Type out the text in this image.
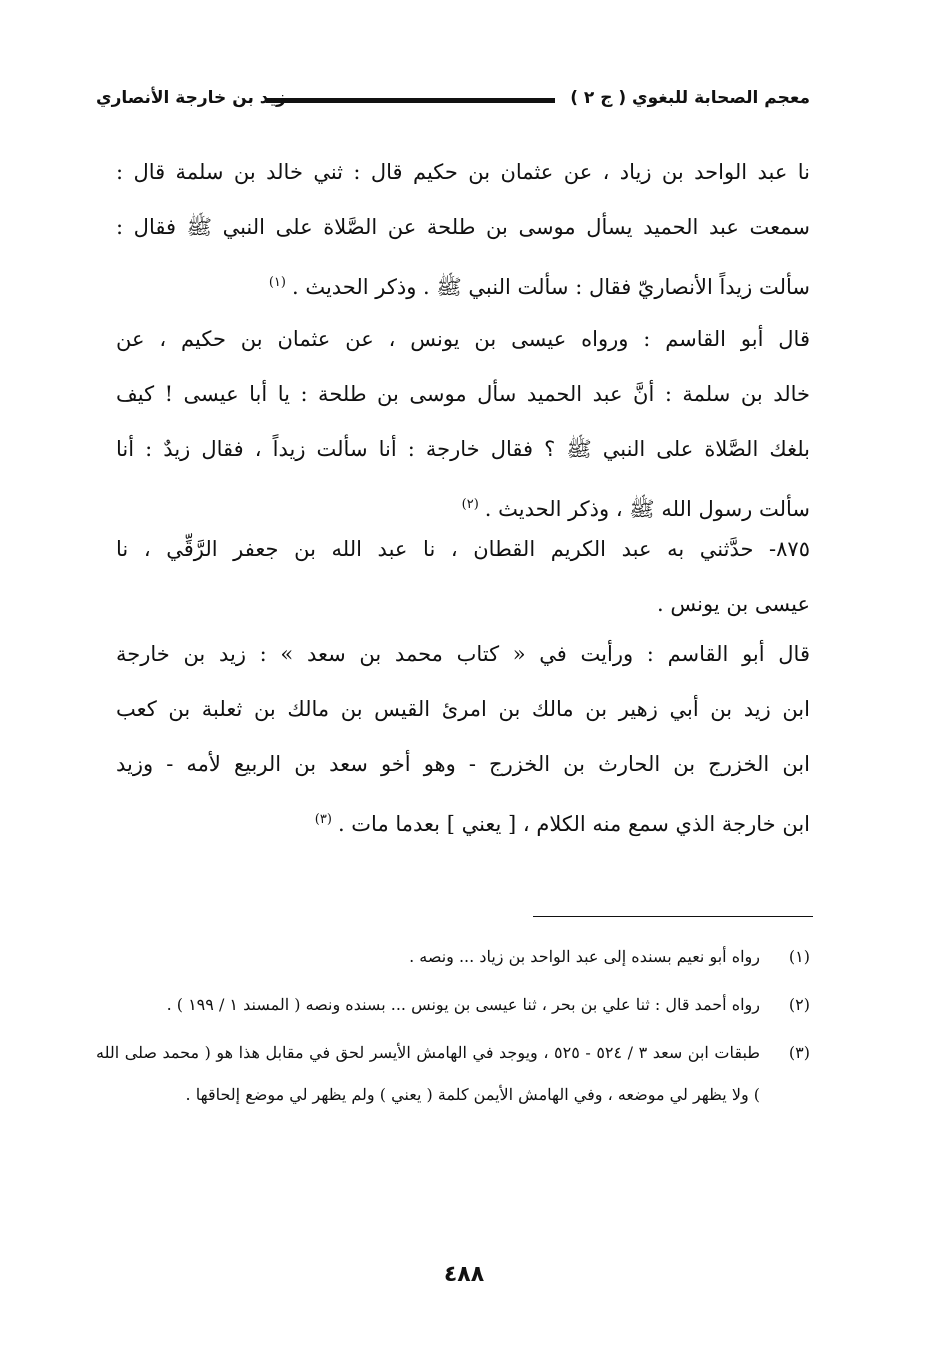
معجم الصحابة للبغوي ( ج ٢ )
زيد بن خارجة الأنصاري
نا عبد الواحد بن زياد ، عن عثمان بن حكيم قال : ثني خالد بن سلمة قال :
سمعت عبد الحميد يسأل موسى بن طلحة عن الصَّلاة على النبي ﷺ فقال :
سألت زيداً الأنصاريّ فقال : سألت النبي ﷺ . وذكر الحديث .$^{(١)}$
قال أبو القاسم : ورواه عيسى بن يونس ، عن عثمان بن حكيم ، عن
خالد بن سلمة : أنَّ عبد الحميد سأل موسى بن طلحة : يا أبا عيسى ! كيف
بلغك الصَّلاة على النبي ﷺ ؟ فقال خارجة : أنا سألت زيداً ، فقال زيدٌ : أنا
سألت رسول الله ﷺ ، وذكر الحديث .$^{(٢)}$
٨٧٥- حدَّثني به عبد الكريم القطان ، نا عبد الله بن جعفر الرَّقِّي ، نا
عيسى بن يونس .
قال أبو القاسم : ورأيت في « كتاب محمد بن سعد » : زيد بن خارجة
ابن زيد بن أبي زهير بن مالك بن امرئ القيس بن مالك بن ثعلبة بن كعب
ابن الخزرج بن الحارث بن الخزرج - وهو أخو سعد بن الربيع لأمه - وزيد
ابن خارجة الذي سمع منه الكلام ، [ يعني ] بعدما مات .$^{(٣)}$
(١)
رواه أبو نعيم بسنده إلى عبد الواحد بن زياد ... ونصه .
(٢)
رواه أحمد قال : ثنا علي بن بحر ، ثنا عيسى بن يونس ... بسنده ونصه ( المسند ١ / ١٩٩ ) .
(٣)
طبقات ابن سعد ٣ / ٥٢٤ - ٥٢٥ ، ويوجد في الهامش الأيسر لحق في مقابل هذا هو ( محمد صلى الله ) ولا يظهر لي موضعه ، وفي الهامش الأيمن كلمة ( يعني ) ولم يظهر لي موضع إلحاقها .
٤٨٨
